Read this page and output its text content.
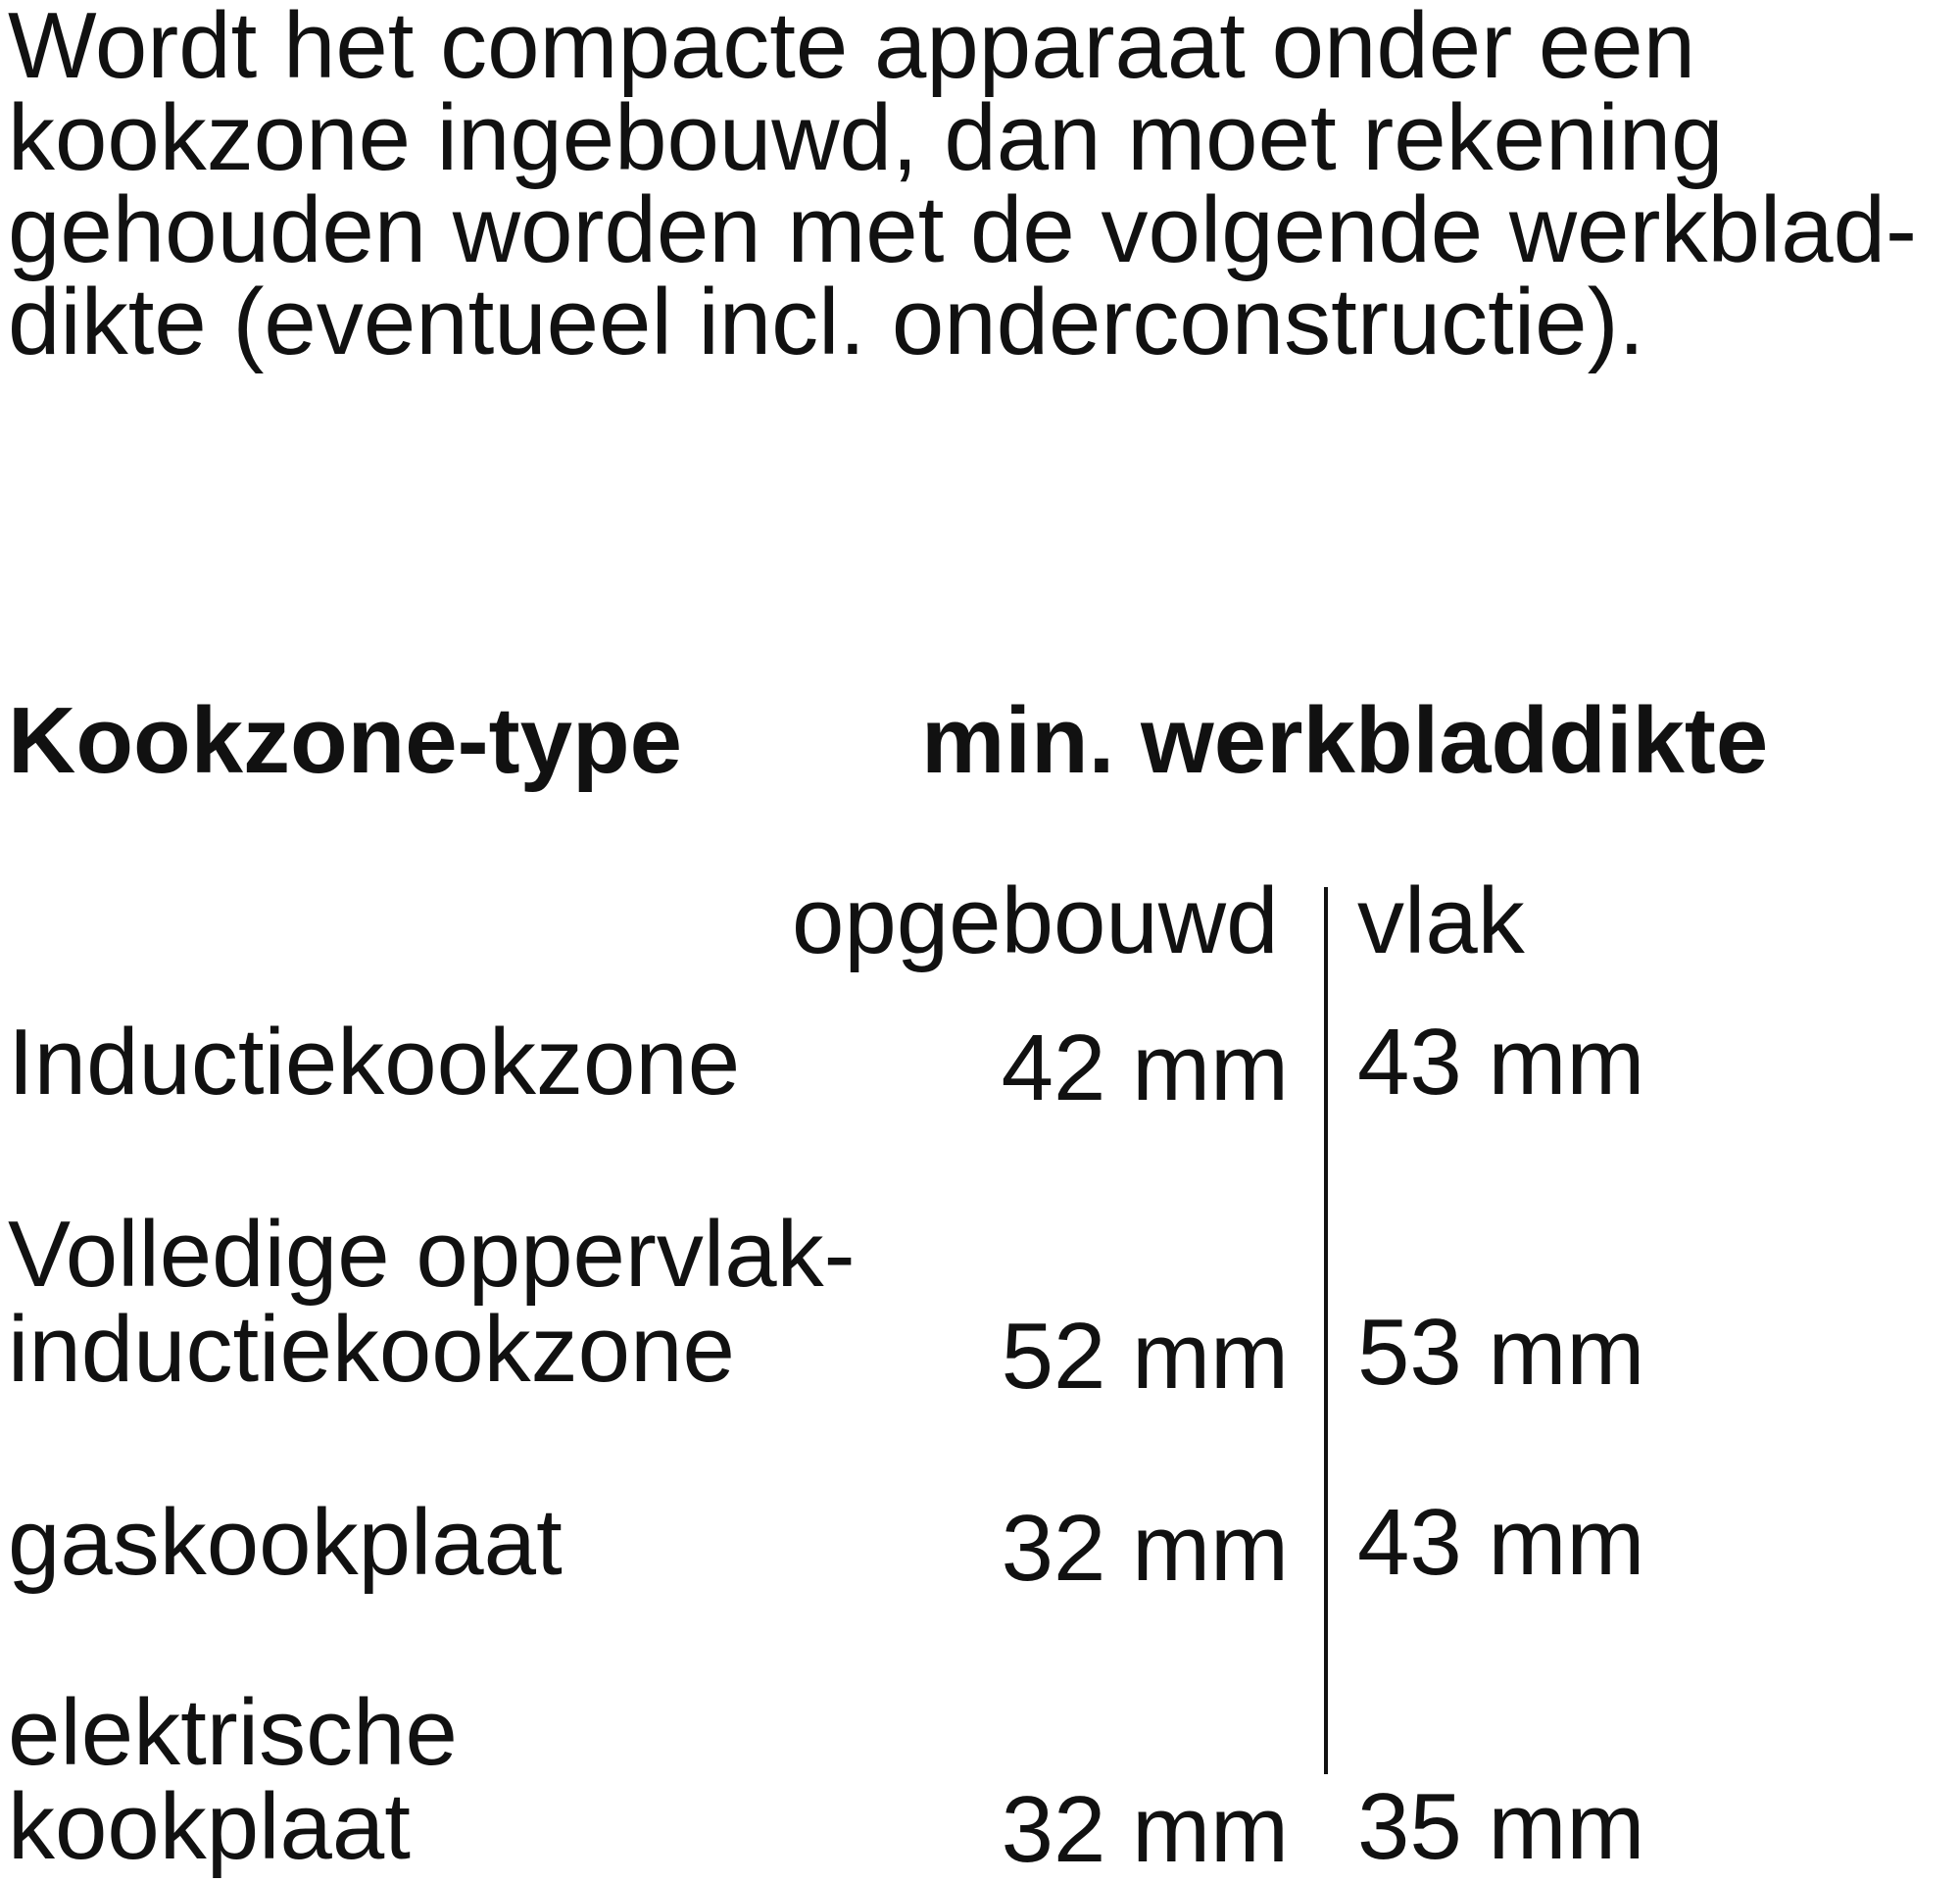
Wordt het compacte apparaat onder een
kookzone ingebouwd, dan moet rekening
gehouden worden met de volgende werkblad-
dikte (eventueel incl. onderconstructie).
Kookzone-type	min. werkbladdikte
opgebouwd vlak
Inductiekookzone	42 mm 43 mm
Volledige oppervlak-
inductiekookzone	52 mm 53 mm
gaskookplaat	32 mm 43 mm
elektrische
kookplaat	32 mm 35 mm
